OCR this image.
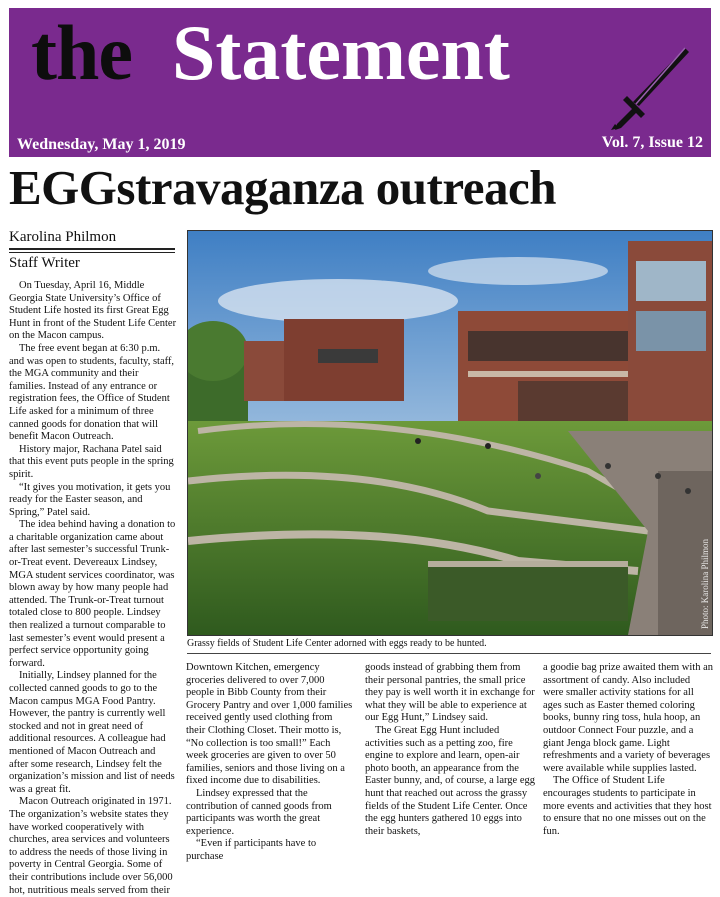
the Statement
Wednesday, May 1, 2019	Vol. 7, Issue 12
EGGstravaganza outreach
Karolina Philmon
Staff Writer

On Tuesday, April 16, Middle Georgia State University’s Office of Student Life hosted its first Great Egg Hunt in front of the Student Life Center on the Macon campus.

The free event began at 6:30 p.m. and was open to students, faculty, staff, the MGA community and their families. Instead of any entrance or registration fees, the Office of Student Life asked for a minimum of three canned goods for donation that will benefit Macon Outreach.

History major, Rachana Patel said that this event puts people in the spring spirit.

“It gives you motivation, it gets you ready for the Easter season, and Spring,” Patel said.

The idea behind having a donation to a charitable organization came about after last semester’s successful Trunk-or-Treat event. Devereaux Lindsey, MGA student services coordinator, was blown away by how many people had attended. The Trunk-or-Treat turnout totaled close to 800 people. Lindsey then realized a turnout comparable to last semester’s event would present a perfect service opportunity going forward.

Initially, Lindsey planned for the collected canned goods to go to the Macon campus MGA Food Pantry. However, the pantry is currently well stocked and not in great need of additional resources. A colleague had mentioned of Macon Outreach and after some research, Lindsey felt the organization’s mission and list of needs was a great fit.

Macon Outreach originated in 1971. The organization’s website states they have worked cooperatively with churches, area services and volunteers to address the needs of those living in poverty in Central Georgia. Some of their contributions include over 56,000 hot, nutritious meals served from their

Photo: Karolina Philmon
Grassy fields of Student Life Center adorned with eggs ready to be hunted.

Downtown Kitchen, emergency groceries delivered to over 7,000 people in Bibb County from their Grocery Pantry and over 1,000 families received gently used clothing from their Clothing Closet. Their motto is, “No collection is too small!” Each week groceries are given to over 50 families, seniors and those living on a fixed income due to disabilities.

Lindsey expressed that the contribution of canned goods from participants was worth the great experience.

“Even if participants have to purchase

goods instead of grabbing them from their personal pantries, the small price they pay is well worth it in exchange for what they will be able to experience at our Egg Hunt,” Lindsey said.

The Great Egg Hunt included activities such as a petting zoo, fire engine to explore and learn, open-air photo booth, an appearance from the Easter bunny, and, of course, a large egg hunt that reached out across the grassy fields of the Student Life Center. Once the egg hunters gathered 10 eggs into their baskets,

a goodie bag prize awaited them with an assortment of candy. Also included were smaller activity stations for all ages such as Easter themed coloring books, bunny ring toss, hula hoop, an outdoor Connect Four puzzle, and a giant Jenga block game. Light refreshments and a variety of beverages were available while supplies lasted.

The Office of Student Life encourages students to participate in more events and activities that they host to ensure that no one misses out on the fun.
